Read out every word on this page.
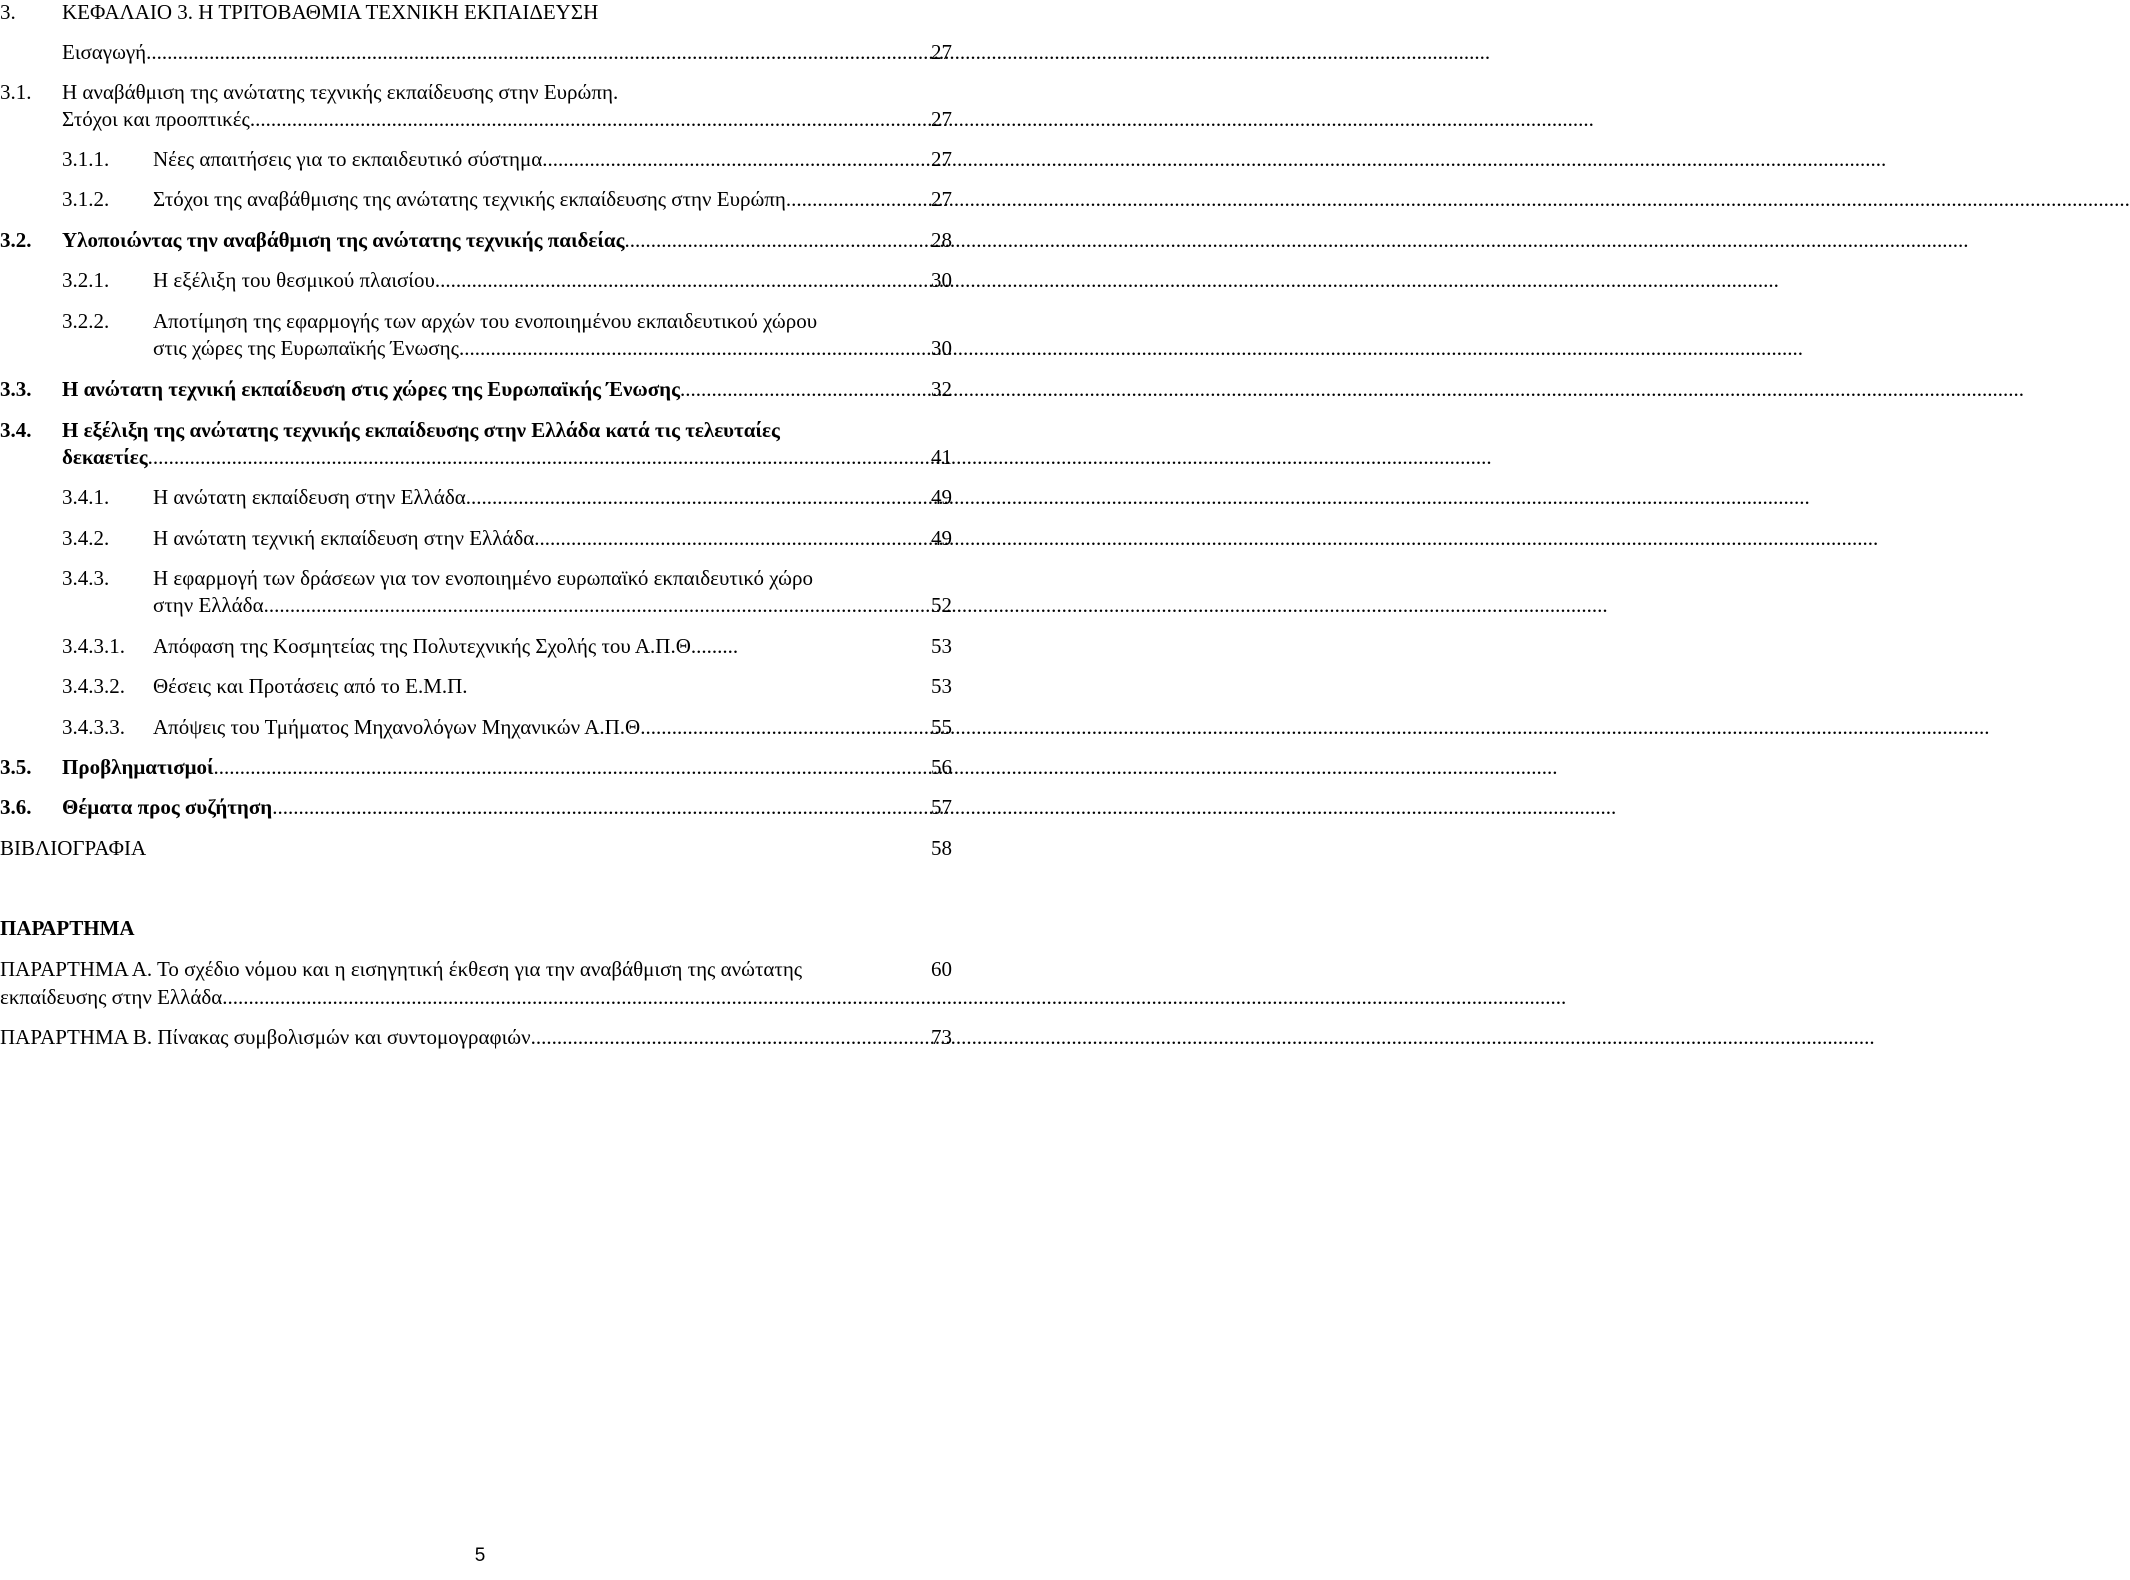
3. ΚΕΦΑΛΑΙΟ 3. Η ΤΡΙΤΟΒΑΘΜΙΑ ΤΕΧΝΙΚΗ ΕΚΠΑΙΔΕΥΣΗ
Εισαγωγή .....	27
3.1. Η αναβάθμιση της ανώτατης τεχνικής εκπαίδευσης στην Ευρώπη.
Στόχοι και προοπτικές .....	27
3.1.1. Νέες απαιτήσεις για το εκπαιδευτικό σύστημα .....	27
3.1.2. Στόχοι της αναβάθμισης της ανώτατης τεχνικής εκπαίδευσης στην Ευρώπη .....	27
3.2. Υλοποιώντας την αναβάθμιση της ανώτατης τεχνικής παιδείας .....	28
3.2.1. Η εξέλιξη του θεσμικού πλαισίου .....	30
3.2.2. Αποτίμηση της εφαρμογής των αρχών του ενοποιημένου εκπαιδευτικού χώρου
στις χώρες της Ευρωπαϊκής Ένωσης .....	30
3.3. Η ανώτατη τεχνική εκπαίδευση στις χώρες της Ευρωπαϊκής Ένωσης .....	32
3.4. Η εξέλιξη της ανώτατης τεχνικής εκπαίδευσης στην Ελλάδα κατά τις τελευταίες
δεκαετίες .....	41
3.4.1. Η ανώτατη εκπαίδευση στην Ελλάδα .....	49
3.4.2. Η ανώτατη τεχνική εκπαίδευση στην Ελλάδα .....	49
3.4.3. Η εφαρμογή των δράσεων για τον ενοποιημένο ευρωπαϊκό εκπαιδευτικό χώρο
στην Ελλάδα .....	52
3.4.3.1. Απόφαση της Κοσμητείας της Πολυτεχνικής Σχολής του Α.Π.Θ. ........	53
3.4.3.2. Θέσεις και Προτάσεις από το Ε.Μ.Π.	53
3.4.3.3. Απόψεις του Τμήματος Μηχανολόγων Μηχανικών Α.Π.Θ. .....	55
3.5. Προβληματισμοί .....	56
3.6. Θέματα προς συζήτηση .....	57
ΒΙΒΛΙΟΓΡΑΦΙΑ	58
ΠΑΡΑΡΤΗΜΑ
ΠΑΡΑΡΤΗΜΑ Α. Το σχέδιο νόμου και η εισηγητική έκθεση για την αναβάθμιση της ανώτατης	60
εκπαίδευσης στην Ελλάδα
.....
ΠΑΡΑΡΤΗΜΑ Β. Πίνακας συμβολισμών και συντομογραφιών .....	73
5
